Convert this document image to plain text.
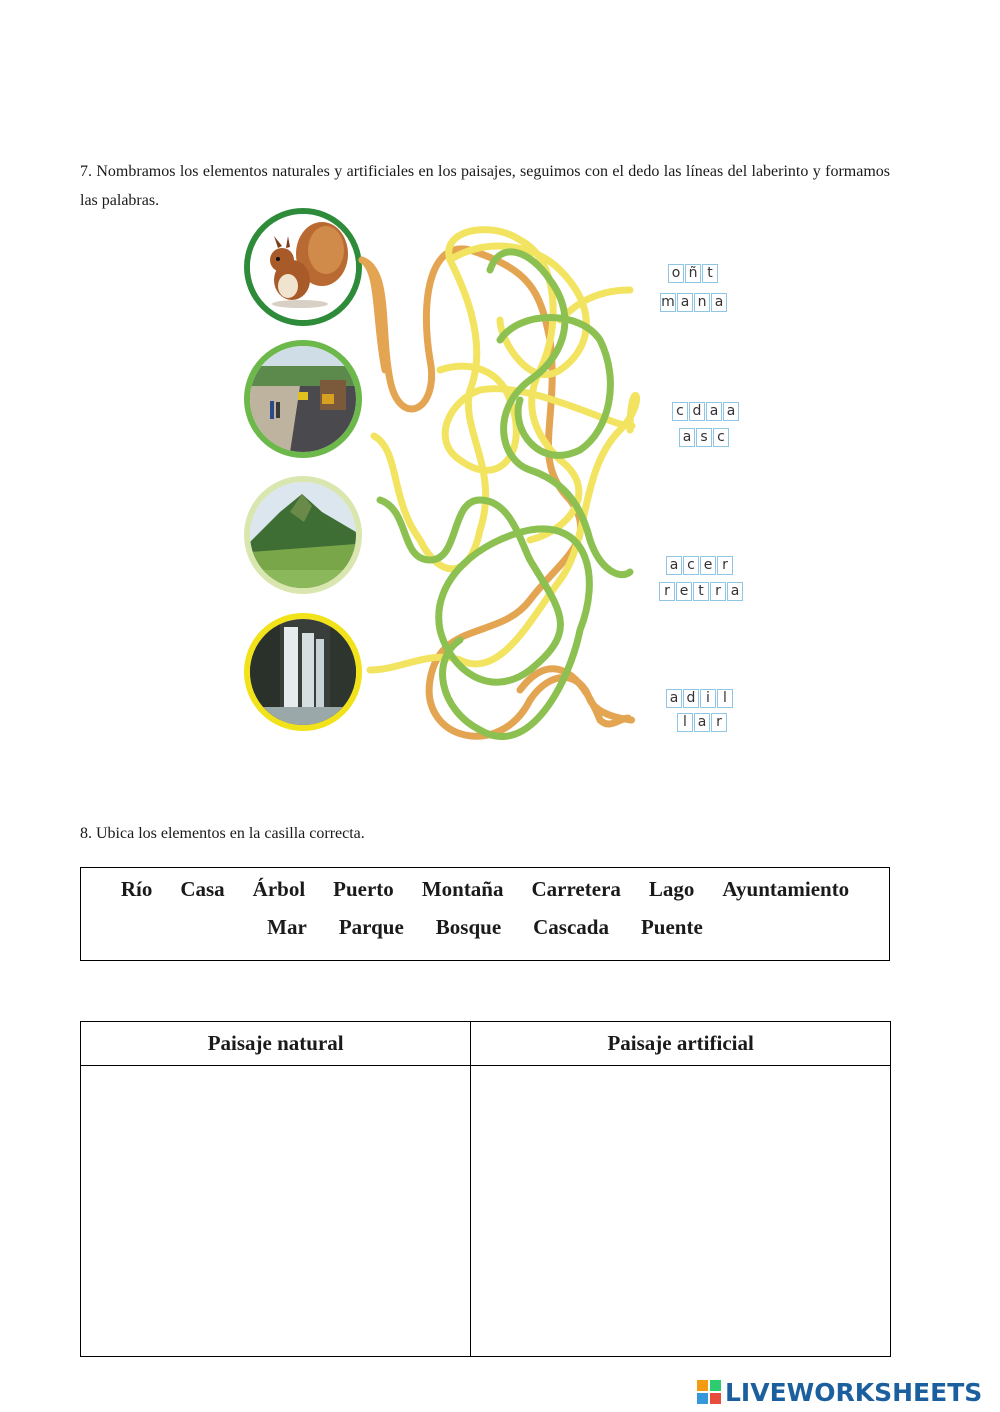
7. Nombramos los elementos naturales y artificiales en los paisajes, seguimos con el dedo las líneas del laberinto y formamos las palabras.

o ñ t
m a n a
c d a a
a s c
a c e r
r e t r a
a d i l
l a r

8. Ubica los elementos en la casilla correcta.

Río Casa Árbol Puerto Montaña Carretera Lago Ayuntamiento
Mar Parque Bosque Cascada Puente
Paisaje natural	Paisaje artificial

LIVEWORKSHEETS
